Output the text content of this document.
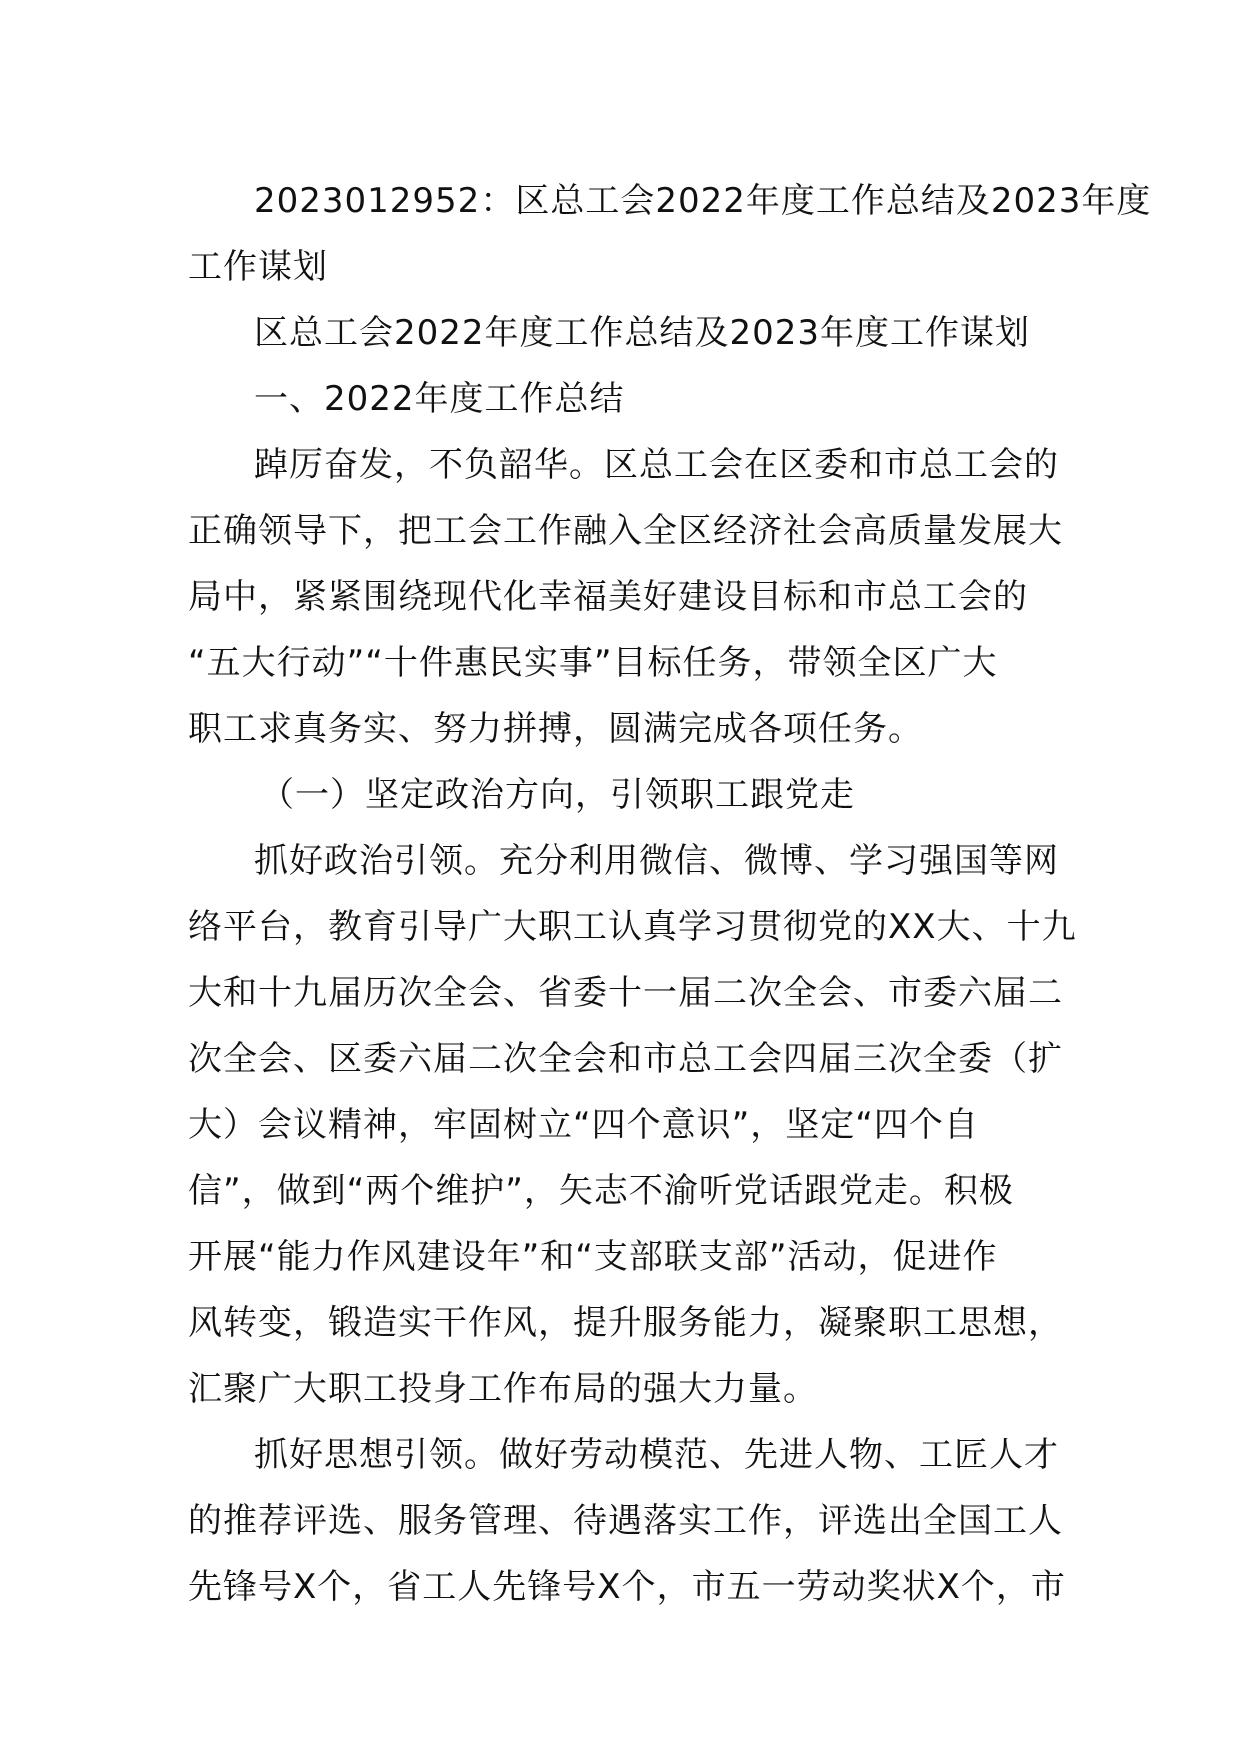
2023012952：区总工会2022年度工作总结及2023年度
工作谋划
区总工会2022年度工作总结及2023年度工作谋划
一、2022年度工作总结
踔厉奋发，不负韶华。区总工会在区委和市总工会的
正确领导下，把工会工作融入全区经济社会高质量发展大
局中，紧紧围绕现代化幸福美好建设目标和市总工会的
“五大行动”“十件惠民实事”目标任务，带领全区广大
职工求真务实、努力拼搏，圆满完成各项任务。
（一）坚定政治方向，引领职工跟党走
抓好政治引领。充分利用微信、微博、学习强国等网
络平台，教育引导广大职工认真学习贯彻党的XX大、十九
大和十九届历次全会、省委十一届二次全会、市委六届二
次全会、区委六届二次全会和市总工会四届三次全委（扩
大）会议精神，牢固树立“四个意识”，坚定“四个自
信”，做到“两个维护”，矢志不渝听党话跟党走。积极
开展“能力作风建设年”和“支部联支部”活动，促进作
风转变，锻造实干作风，提升服务能力，凝聚职工思想，
汇聚广大职工投身工作布局的强大力量。
抓好思想引领。做好劳动模范、先进人物、工匠人才
的推荐评选、服务管理、待遇落实工作，评选出全国工人
先锋号X个，省工人先锋号X个，市五一劳动奖状X个，市
